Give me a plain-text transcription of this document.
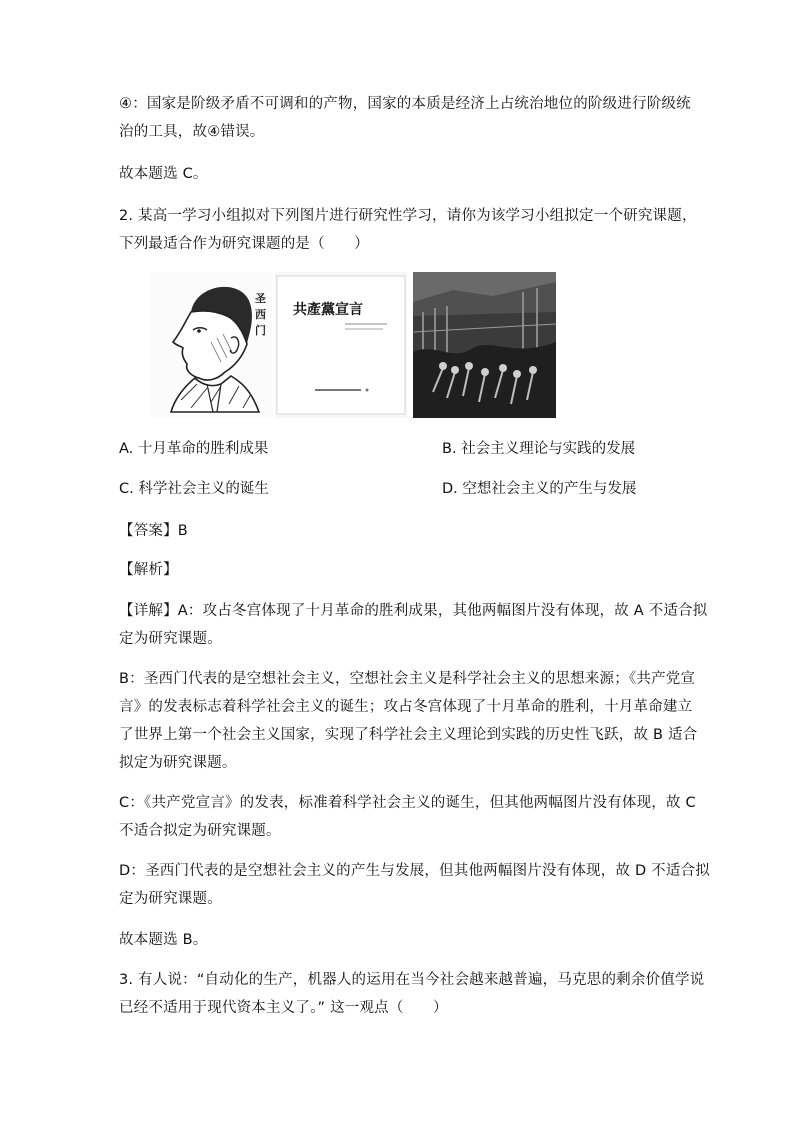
④：国家是阶级矛盾不可调和的产物，国家的本质是经济上占统治地位的阶级进行阶级统
治的工具，故④错误。
故本题选 C。
2. 某高一学习小组拟对下列图片进行研究性学习，请你为该学习小组拟定一个研究课题，
下列最适合作为研究课题的是（　　）
圣
西
门
共產黨宣言
A. 十月革命的胜利成果	B. 社会主义理论与实践的发展
C. 科学社会主义的诞生	D. 空想社会主义的产生与发展
【答案】B
【解析】
【详解】A：攻占冬宫体现了十月革命的胜利成果，其他两幅图片没有体现，故 A 不适合拟
定为研究课题。
B：圣西门代表的是空想社会主义，空想社会主义是科学社会主义的思想来源；《共产党宣
言》的发表标志着科学社会主义的诞生；攻占冬宫体现了十月革命的胜利，十月革命建立
了世界上第一个社会主义国家，实现了科学社会主义理论到实践的历史性飞跃，故 B 适合
拟定为研究课题。
C：《共产党宣言》的发表，标准着科学社会主义的诞生，但其他两幅图片没有体现，故 C
不适合拟定为研究课题。
D：圣西门代表的是空想社会主义的产生与发展，但其他两幅图片没有体现，故 D 不适合拟
定为研究课题。
故本题选 B。
3. 有人说：“自动化的生产，机器人的运用在当今社会越来越普遍，马克思的剩余价值学说
已经不适用于现代资本主义了。” 这一观点（　　）
